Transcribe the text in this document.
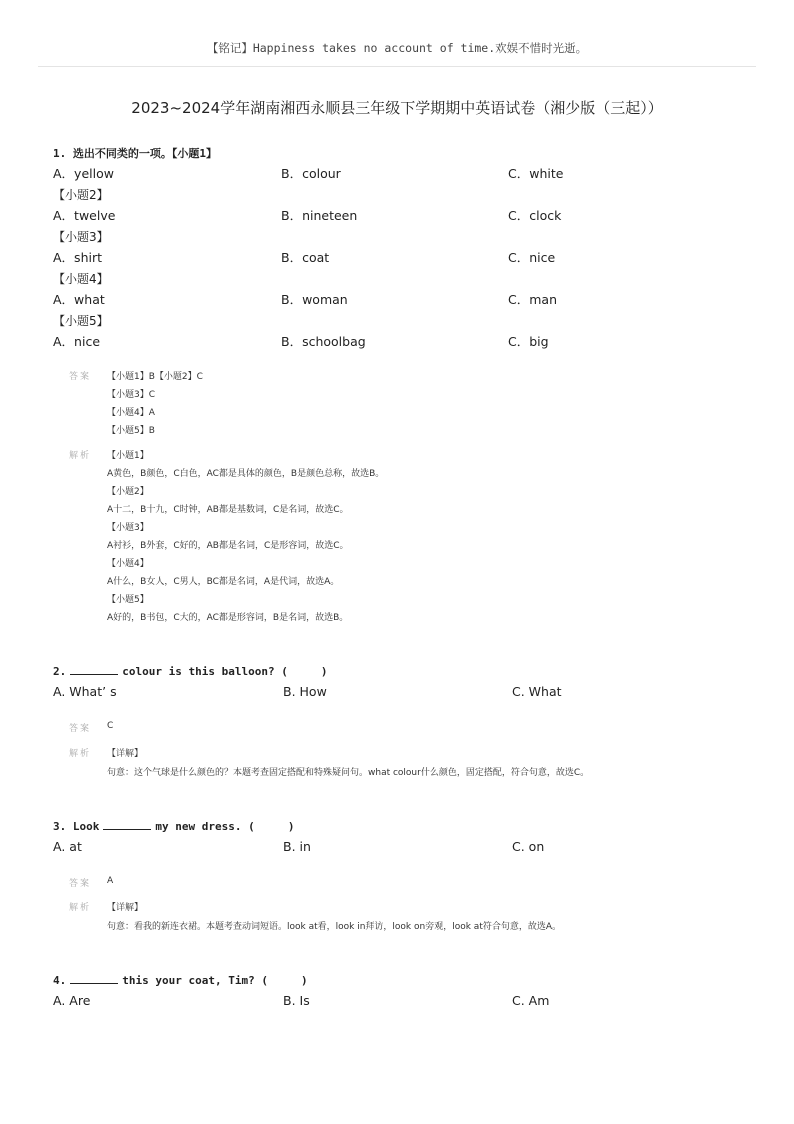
【铭记】Happiness takes no account of time.欢娱不惜时光逝。
2023~2024学年湖南湘西永顺县三年级下学期期中英语试卷（湘少版（三起））
1. 选出不同类的一项。【小题1】
A．yellow	B．colour	C．white
【小题2】
A．twelve	B．nineteen	C．clock
【小题3】
A．shirt	B．coat	C．nice
【小题4】
A．what	B．woman	C．man
【小题5】
A．nice	B．schoolbag	C．big
答案 【小题1】B【小题2】C
【小题3】C
【小题4】A
【小题5】B
解析 【小题1】
A黄色，B颜色，C白色，AC都是具体的颜色，B是颜色总称，故选B。
【小题2】
A十二，B十九，C时钟，AB都是基数词，C是名词，故选C。
【小题3】
A衬衫，B外套，C好的，AB都是名词，C是形容词，故选C。
【小题4】
A什么，B女人，C男人，BC都是名词，A是代词，故选A。
【小题5】
A好的，B书包，C大的，AC都是形容词，B是名词，故选B。
2.	colour is this balloon? (     )
A. What’ s	B. How	C. What
答案 C
解析 【详解】
句意：这个气球是什么颜色的？本题考查固定搭配和特殊疑问句。what colour什么颜色，固定搭配，符合句意，故选C。
3. Look	my new dress. (     )
A. at	B. in	C. on
答案 A
解析 【详解】
句意：看我的新连衣裙。本题考查动词短语。look at看，look in拜访，look on旁观，look at符合句意，故选A。
4.	this your coat, Tim? (     )
A. Are	B. Is	C. Am
